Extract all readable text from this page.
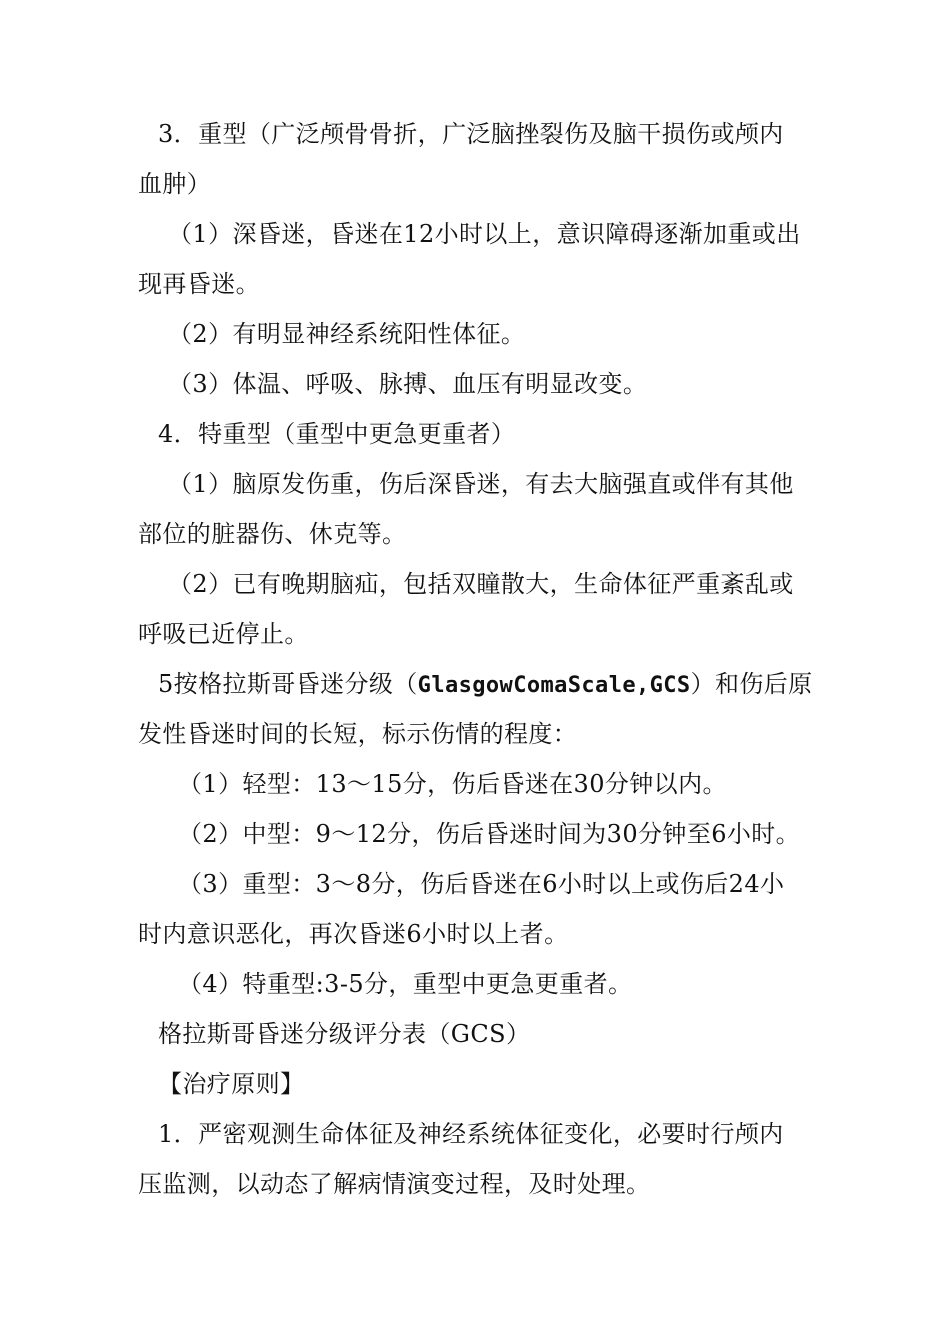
3．重型（广泛颅骨骨折，广泛脑挫裂伤及脑干损伤或颅内
血肿）
（1）深昏迷，昏迷在12小时以上，意识障碍逐渐加重或出
现再昏迷。
（2）有明显神经系统阳性体征。
（3）体温、呼吸、脉搏、血压有明显改变。
4．特重型（重型中更急更重者）
（1）脑原发伤重，伤后深昏迷，有去大脑强直或伴有其他
部位的脏器伤、休克等。
（2）已有晚期脑疝，包括双瞳散大，生命体征严重紊乱或
呼吸已近停止。
5按格拉斯哥昏迷分级（GlasgowComaScale,GCS）和伤后原
发性昏迷时间的长短，标示伤情的程度：
（1）轻型：13〜15分，伤后昏迷在30分钟以内。
（2）中型：9〜12分，伤后昏迷时间为30分钟至6小时。
（3）重型：3〜8分，伤后昏迷在6小时以上或伤后24小
时内意识恶化，再次昏迷6小时以上者。
（4）特重型:3-5分，重型中更急更重者。
格拉斯哥昏迷分级评分表（GCS）
【治疗原则】
1．严密观测生命体征及神经系统体征变化，必要时行颅内
压监测，以动态了解病情演变过程，及时处理。
